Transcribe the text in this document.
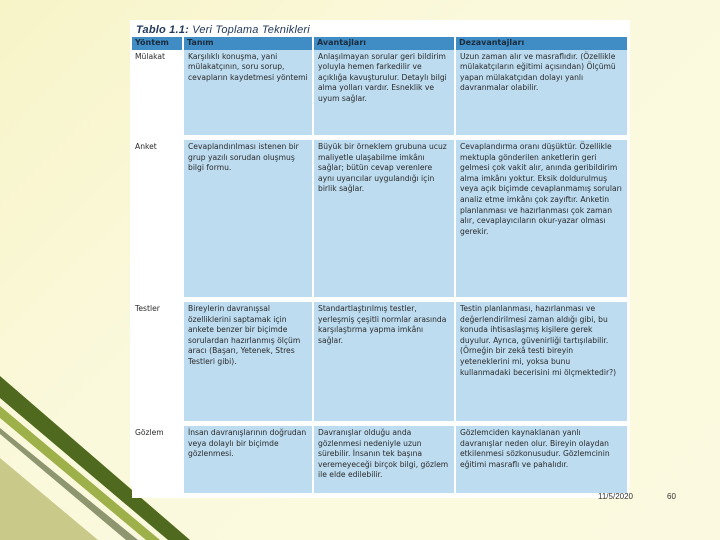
Tablo 1.1: Veri Toplama Teknikleri
Yöntem	Tanım	Avantajları	Dezavantajları
Mülakat	Karşılıklı konuşma, yani mülakatçının, soru sorup, cevapların kaydetmesi yöntemi	Anlaşılmayan sorular geri bildirim yoluyla hemen farkedilir ve açıklığa kavuşturulur. Detaylı bilgi alma yolları vardır. Esneklik ve uyum sağlar.	Uzun zaman alır ve masraflıdır. (Özellikle mülakatçıların eğitimi açısından) Ölçümü yapan mülakatçıdan dolayı yanlı davranmalar olabilir.
Anket	Cevaplandırılması istenen bir grup yazılı sorudan oluşmuş bilgi formu.	Büyük bir örneklem grubuna ucuz maliyetle ulaşabilme imkânı sağlar; bütün cevap verenlere aynı uyarıcılar uygulandığı için birlik sağlar.	Cevaplandırma oranı düşüktür. Özellikle mektupla gönderilen anketlerin geri gelmesi çok vakit alır, anında geribildirim alma imkânı yoktur. Eksik doldurulmuş veya açık biçimde cevaplanmamış soruları analiz etme imkânı çok zayıftır. Anketin planlanması ve hazırlanması çok zaman alır, cevaplayıcıların okur-yazar olması gerekir.
Testler	Bireylerin davranışsal özelliklerini saptamak için ankete benzer bir biçimde sorulardan hazırlanmış ölçüm aracı (Başarı, Yetenek, Stres Testleri gibi).	Standartlaştırılmış testler, yerleşmiş çeşitli normlar arasında karşılaştırma yapma imkânı sağlar.	Testin planlanması, hazırlanması ve değerlendirilmesi zaman aldığı gibi, bu konuda ihtisaslaşmış kişilere gerek duyulur. Ayrıca, güvenirliği tartışılabilir. (Örneğin bir zekâ testi bireyin yeteneklerini mi, yoksa bunu kullanmadaki becerisini mi ölçmektedir?)
Gözlem	İnsan davranışlarının doğrudan veya dolaylı bir biçimde gözlenmesi.	Davranışlar olduğu anda gözlenmesi nedeniyle uzun sürebilir. İnsanın tek başına veremeyeceği birçok bilgi, gözlem ile elde edilebilir.	Gözlemciden kaynaklanan yanlı davranışlar neden olur. Bireyin olaydan etkilenmesi sözkonusudur. Gözlemcinin eğitimi masraflı ve pahalıdır.
11/5/2020	60
